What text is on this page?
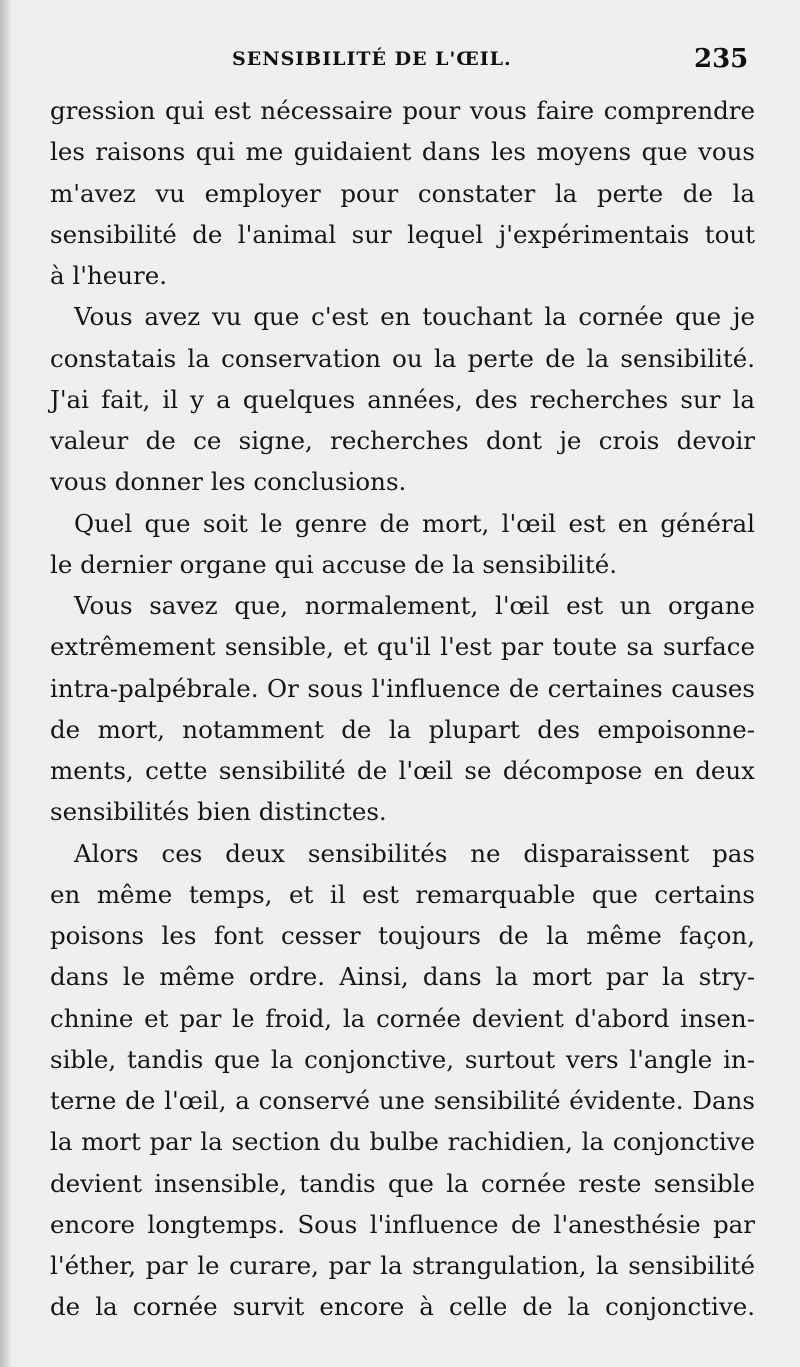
SENSIBILITÉ DE L'ŒIL.	235
gression qui est nécessaire pour vous faire comprendre
les raisons qui me guidaient dans les moyens que vous
m'avez vu employer pour constater la perte de la
sensibilité de l'animal sur lequel j'expérimentais tout
à l'heure.
Vous avez vu que c'est en touchant la cornée que je
constatais la conservation ou la perte de la sensibilité.
J'ai fait, il y a quelques années, des recherches sur la
valeur de ce signe, recherches dont je crois devoir
vous donner les conclusions.
Quel que soit le genre de mort, l'œil est en général
le dernier organe qui accuse de la sensibilité.
Vous savez que, normalement, l'œil est un organe
extrêmement sensible, et qu'il l'est par toute sa surface
intra-palpébrale. Or sous l'influence de certaines causes
de mort, notamment de la plupart des empoisonne-
ments, cette sensibilité de l'œil se décompose en deux
sensibilités bien distinctes.
Alors ces deux sensibilités ne disparaissent pas
en même temps, et il est remarquable que certains
poisons les font cesser toujours de la même façon,
dans le même ordre. Ainsi, dans la mort par la stry-
chnine et par le froid, la cornée devient d'abord insen-
sible, tandis que la conjonctive, surtout vers l'angle in-
terne de l'œil, a conservé une sensibilité évidente. Dans
la mort par la section du bulbe rachidien, la conjonctive
devient insensible, tandis que la cornée reste sensible
encore longtemps. Sous l'influence de l'anesthésie par
l'éther, par le curare, par la strangulation, la sensibilité
de la cornée survit encore à celle de la conjonctive.
